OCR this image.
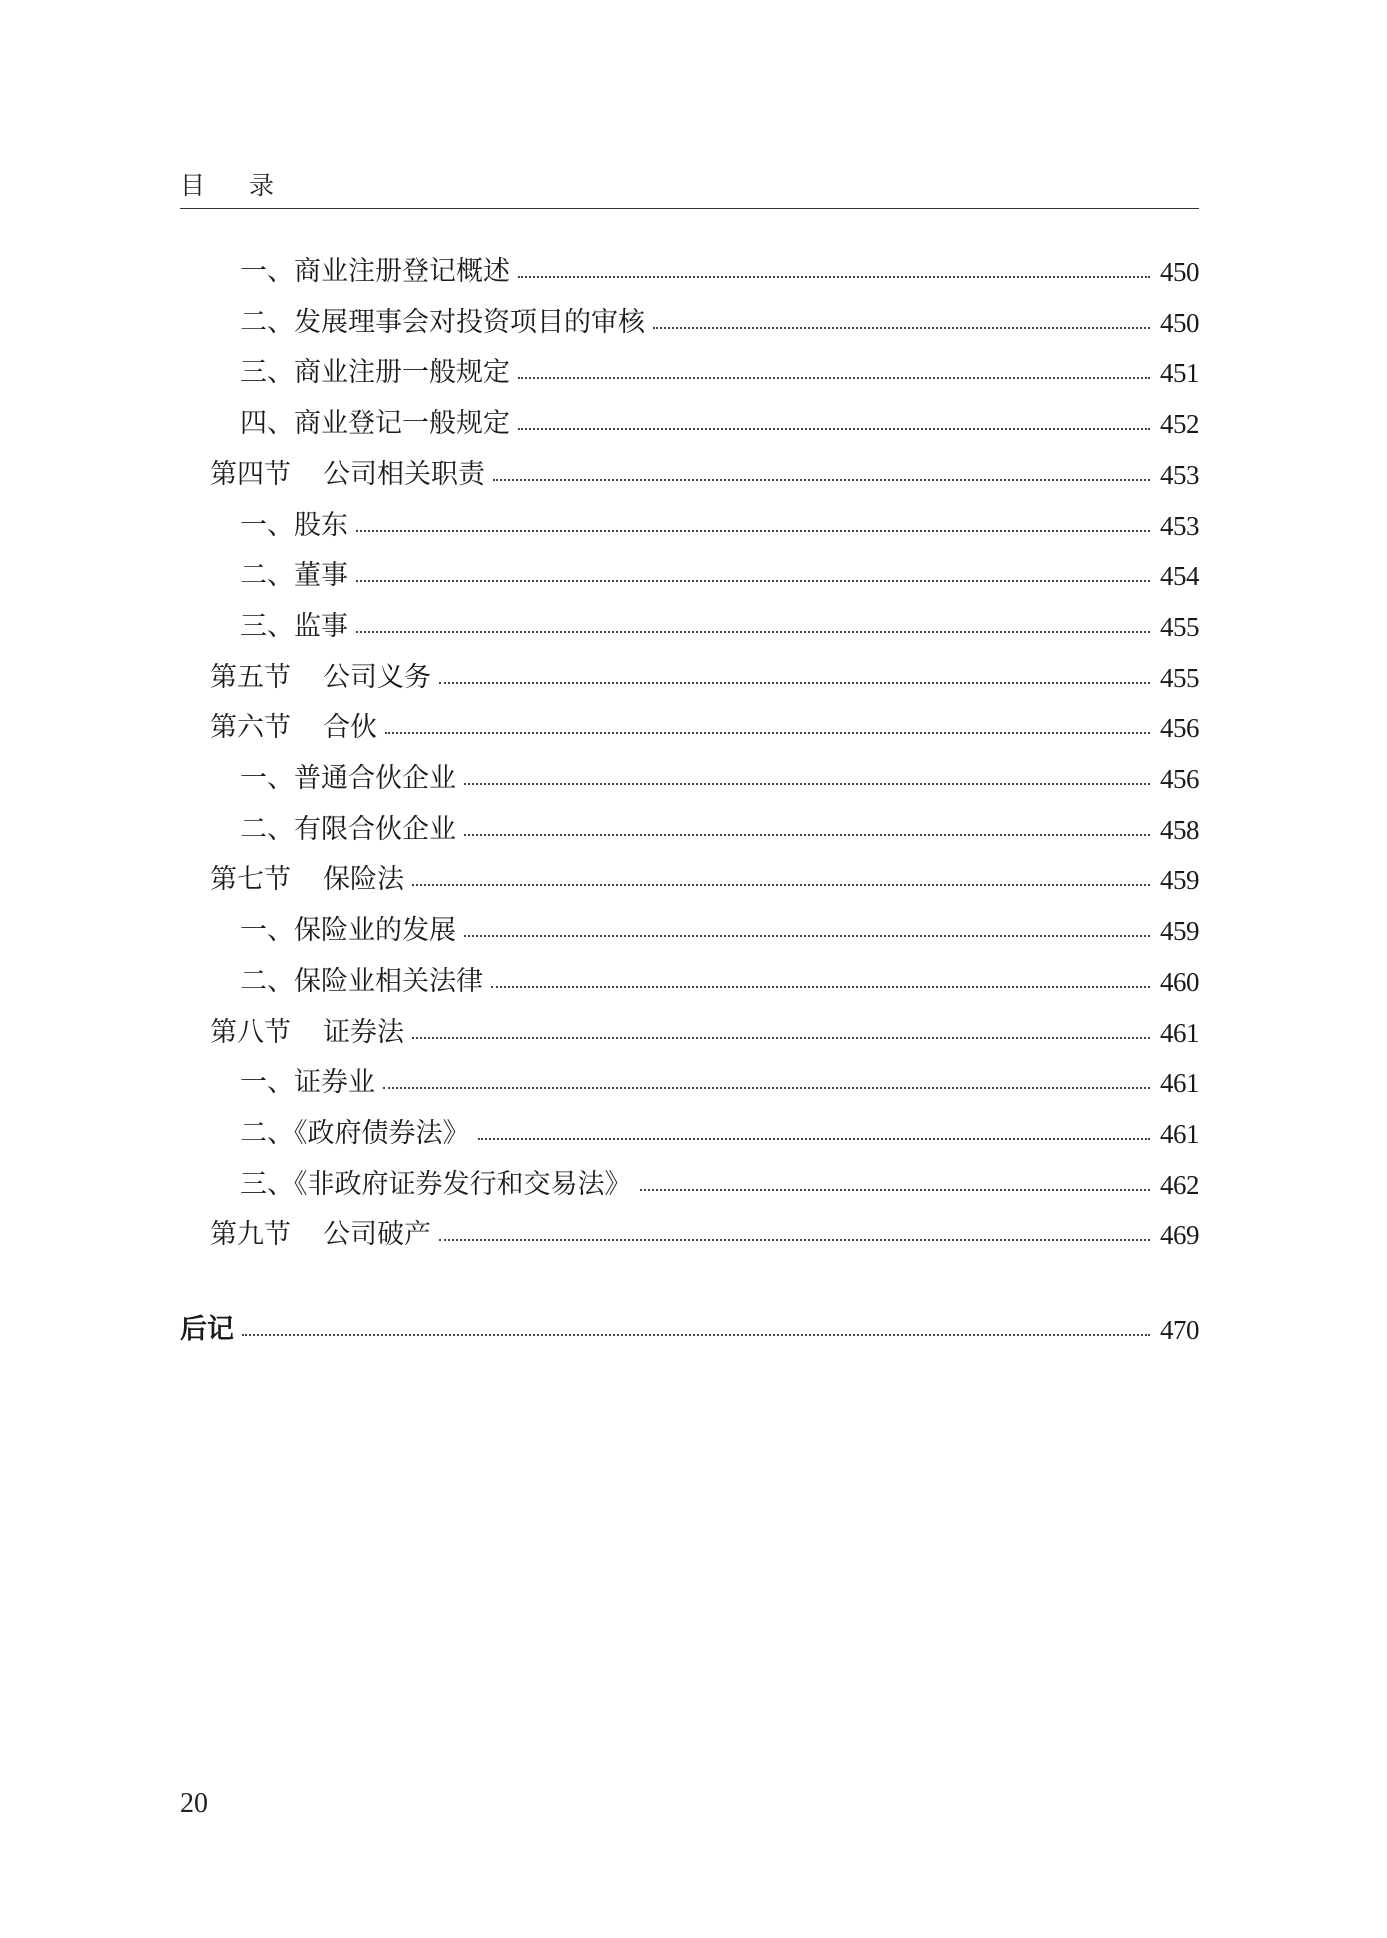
目 录
一、商业注册登记概述	450
二、发展理事会对投资项目的审核	450
三、商业注册一般规定	451
四、商业登记一般规定	452
第四节 公司相关职责	453
一、股东	453
二、董事	454
三、监事	455
第五节 公司义务	455
第六节 合伙	456
一、普通合伙企业	456
二、有限合伙企业	458
第七节 保险法	459
一、保险业的发展	459
二、保险业相关法律	460
第八节 证券法	461
一、证券业	461
二、《政府债券法》	461
三、《非政府证券发行和交易法》	462
第九节 公司破产	469
后记	470
20
